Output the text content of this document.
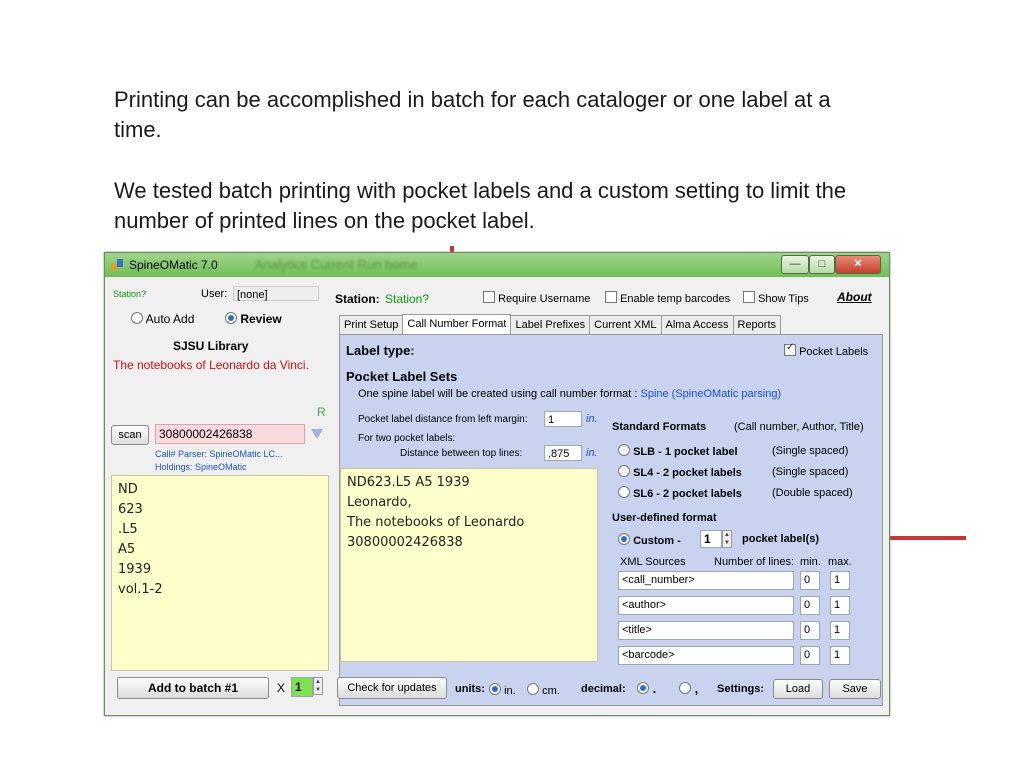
Printing can be accomplished in batch for each cataloger or one label at a time.
We tested batch printing with pocket labels and a custom setting to limit the number of printed lines on the pocket label.
SpineOMatic 7.0	Analytics Current Run home	—	□	✕
Station?	User: [none]
Auto Add	Review
SJSU Library
The notebooks of Leonardo da Vinci.
R
scan	30800002426838
Call# Parser: SpineOMatic LC...
Holdings: SpineOMatic
ND
623
.L5
A5
1939
vol.1-2
Add to batch #1	X 1	▲
▼
Station: Station?	Require Username	Enable temp barcodes	Show Tips About
Print Setup Call Number Format Label Prefixes Current XML Alma Access Reports
Label type:
✓	Pocket Labels
Pocket Label Sets
One spine label will be created using call number format : Spine (SpineOMatic parsing)
Pocket label distance from left margin:	1	in.
For two pocket labels:
Distance between top lines:	.875	in.
ND623.L5 A5 1939
Leonardo,
The notebooks of Leonardo
30800002426838
Standard Formats	(Call number, Author, Title)
SLB - 1 pocket label	(Single spaced)
SL4 - 2 pocket labels	(Single spaced)
SL6 - 2 pocket labels	(Double spaced)
User-defined format
Custom -	1	▲
▼ pocket label(s)
XML Sources	Number of lines: min. max.
<call_number>	0	1
<author>	0	1
<title>	0	1
<barcode>	0	1
Check for updates	units:	in.	cm. decimal:	.	, Settings:	Load	Save
